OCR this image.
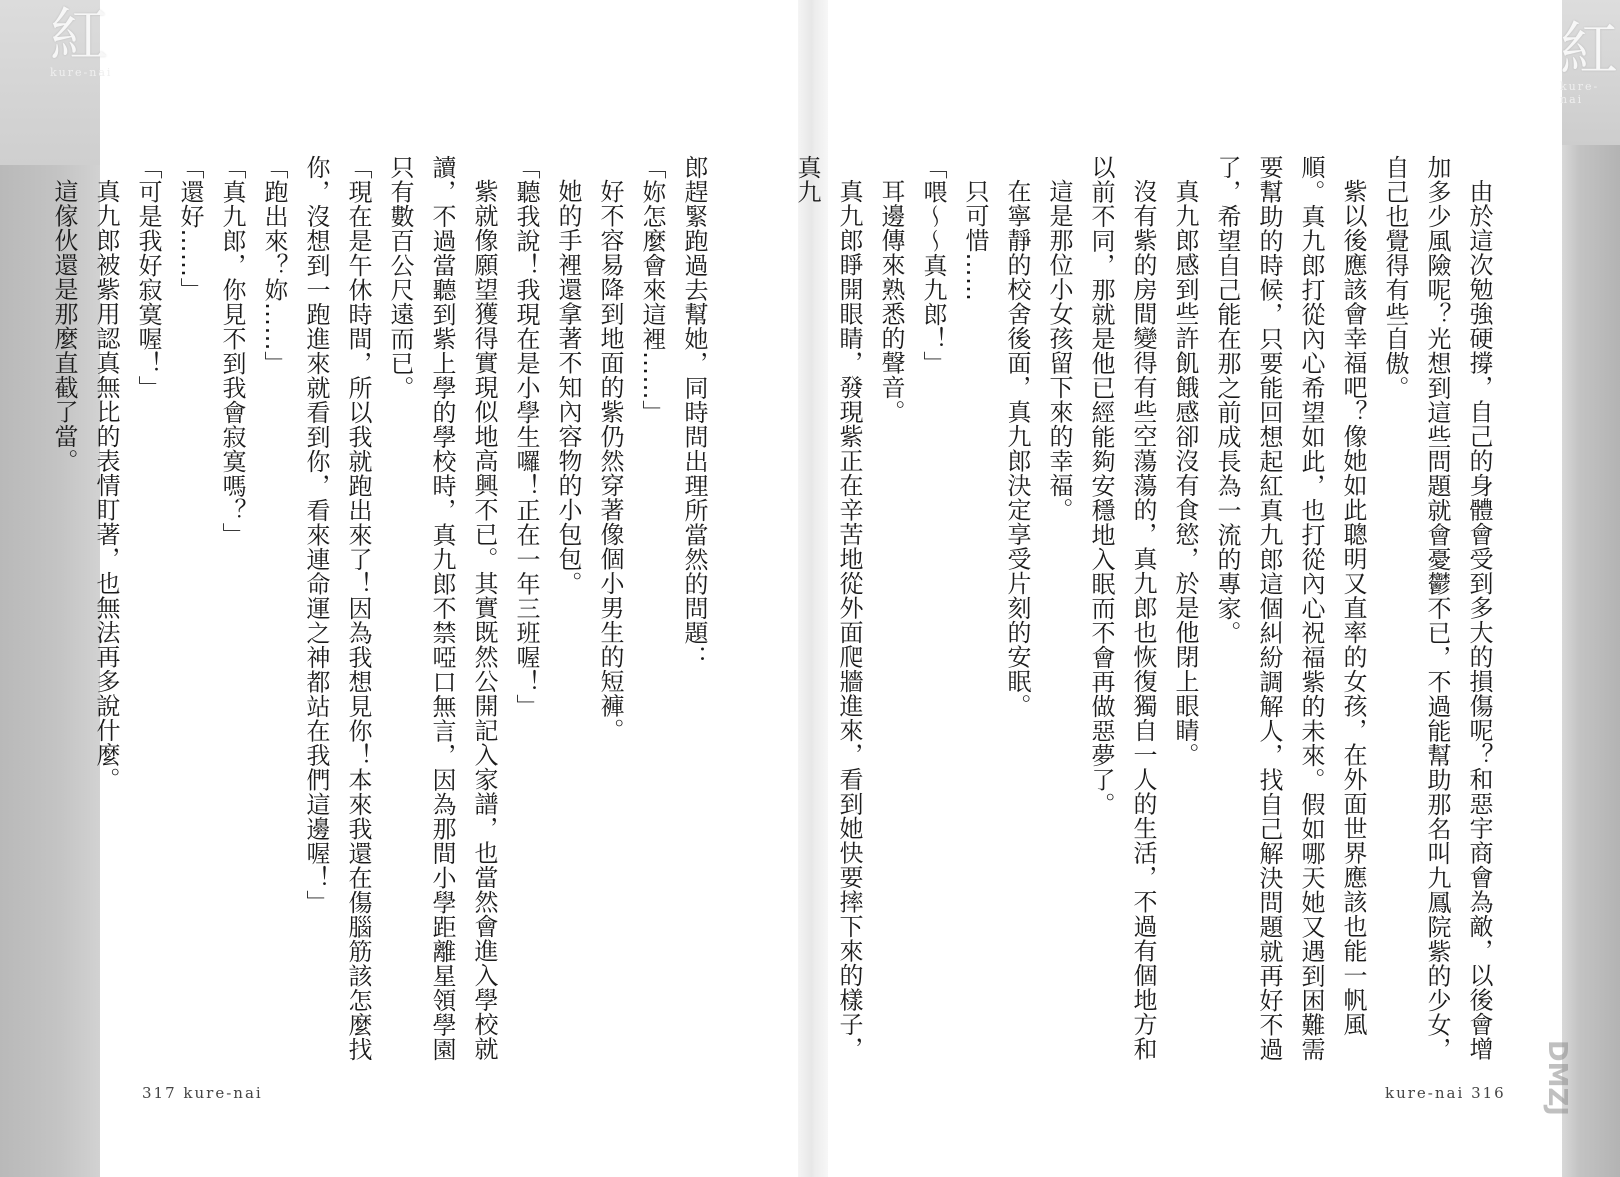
紅
kure-nai	紅
kure-nai

由於這次勉強硬撐，自己的身體會受到多大的損傷呢？和惡宇商會為敵，以後會增加多少風險呢？光想到這些問題就會憂鬱不已，不過能幫助那名叫九鳳院紫的少女，自己也覺得有些自傲。

紫以後應該會幸福吧？像她如此聰明又直率的女孩，在外面世界應該也能一帆風順。真九郎打從內心希望如此，也打從內心祝福紫的未來。假如哪天她又遇到困難需要幫助的時候，只要能回想起紅真九郎這個糾紛調解人，找自己解決問題就再好不過了，希望自己能在那之前成長為一流的專家。

真九郎感到些許飢餓感卻沒有食慾，於是他閉上眼睛。

沒有紫的房間變得有些空蕩蕩的，真九郎也恢復獨自一人的生活，不過有個地方和以前不同，那就是他已經能夠安穩地入眠而不會再做惡夢了。

這是那位小女孩留下來的幸福。

在寧靜的校舍後面，真九郎決定享受片刻的安眠。

只可惜……

「喂～～真九郎！」

耳邊傳來熟悉的聲音。

真九郎睜開眼睛，發現紫正在辛苦地從外面爬牆進來，看到她快要摔下來的樣子，真九

郎趕緊跑過去幫她，同時問出理所當然的問題：

「妳怎麼會來這裡……」

好不容易降到地面的紫仍然穿著像個小男生的短褲。

她的手裡還拿著不知內容物的小包包。

「聽我說！我現在是小學生囉！正在一年三班喔！」

紫就像願望獲得實現似地高興不已。其實既然公開記入家譜，也當然會進入學校就讀，不過當聽到紫上學的學校時，真九郎不禁啞口無言，因為那間小學距離星領學園只有數百公尺遠而已。

「現在是午休時間，所以我就跑出來了！因為我想見你！本來我還在傷腦筋該怎麼找你，沒想到一跑進來就看到你，看來連命運之神都站在我們這邊喔！」

「跑出來？妳……」

「真九郎，你見不到我會寂寞嗎？」

「還好……」

「可是我好寂寞喔！」

真九郎被紫用認真無比的表情盯著，也無法再多說什麼。

這傢伙還是那麼直截了當。

317 kure-nai	kure-nai 316 DMZJ
